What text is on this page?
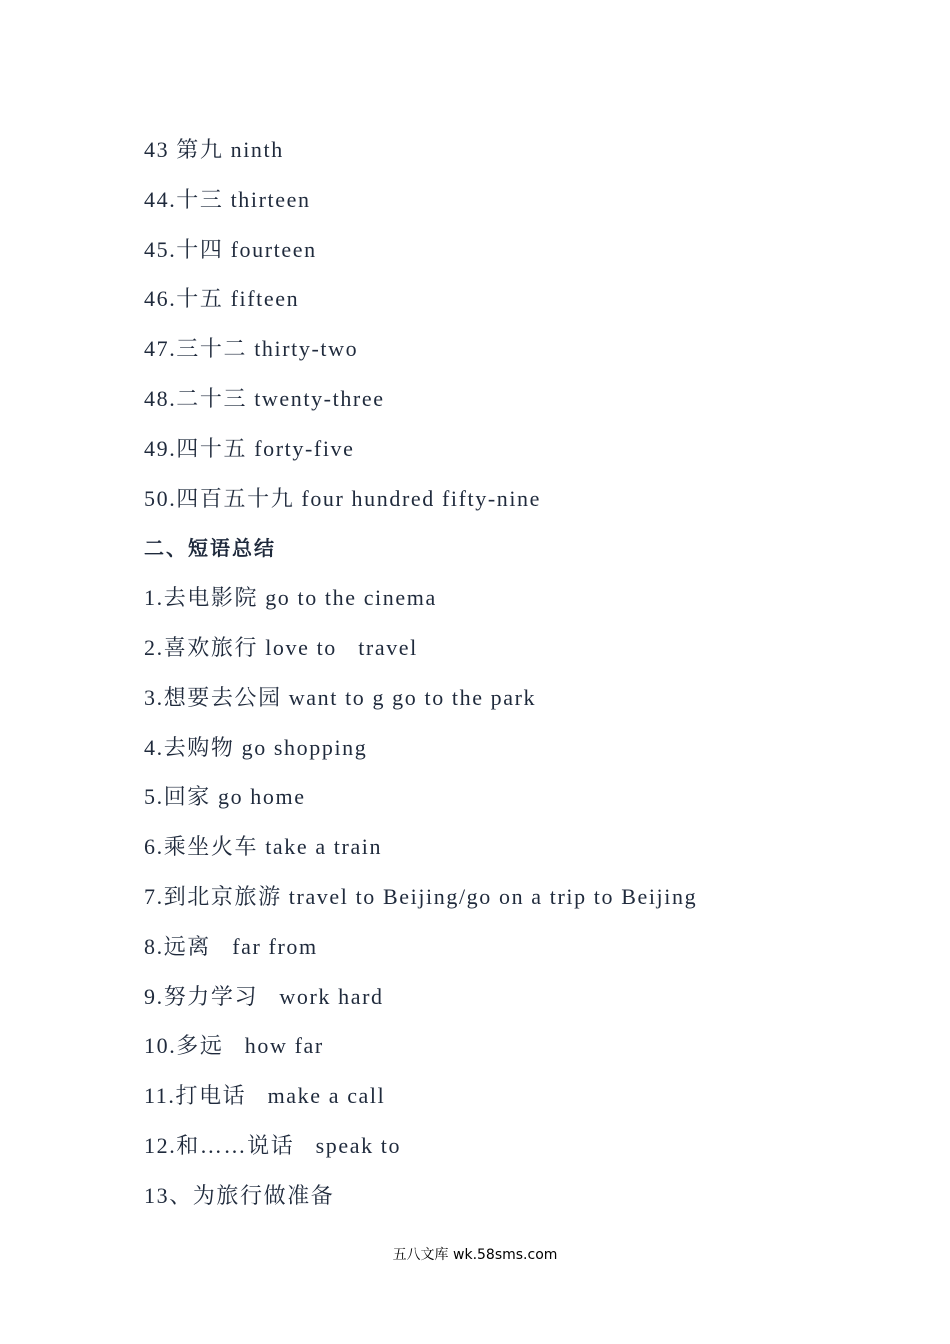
43 第九 ninth
44.十三 thirteen
45.十四 fourteen
46.十五 fifteen
47.三十二 thirty-two
48.二十三 twenty-three
49.四十五 forty-five
50.四百五十九 four hundred fifty-nine
二、短语总结
1.去电影院 go to the cinema
2.喜欢旅行 love to   travel
3.想要去公园 want to g go to the park
4.去购物 go shopping
5.回家 go home
6.乘坐火车 take a train
7.到北京旅游 travel to Beijing/go on a trip to Beijing
8.远离   far from
9.努力学习   work hard
10.多远   how far
11.打电话   make a call
12.和……说话   speak to
13、为旅行做准备
五八文库 wk.58sms.com
